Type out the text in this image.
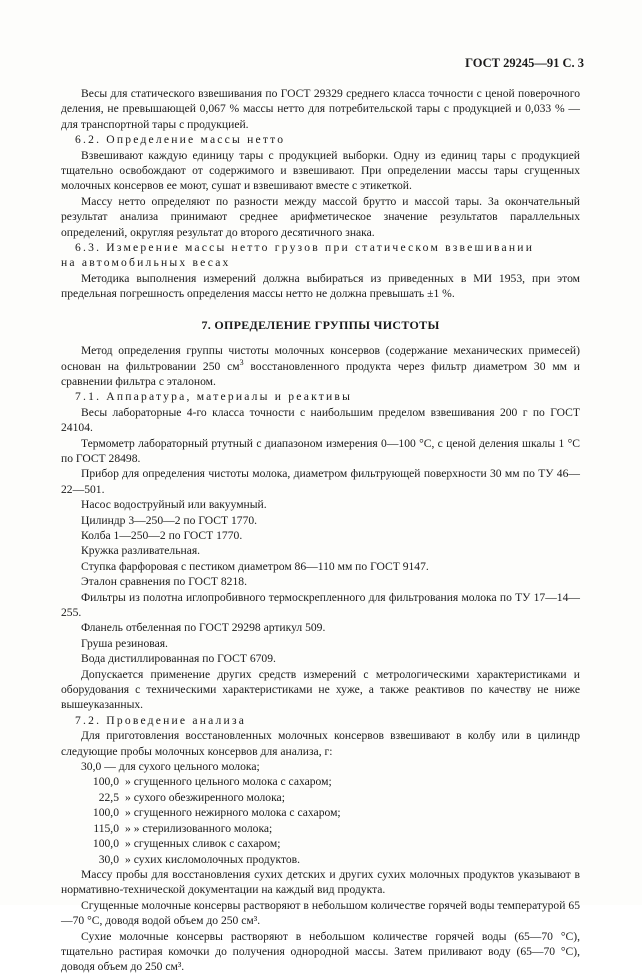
ГОСТ 29245—91 С. 3

Весы для статического взвешивания по ГОСТ 29329 среднего класса точности с ценой поверочного деления, не превышающей 0,067 % массы нетто для потребительской тары с продукцией и 0,033 % — для транспортной тары с продукцией.

6.2. Определение массы нетто

Взвешивают каждую единицу тары с продукцией выборки. Одну из единиц тары с продукцией тщательно освобождают от содержимого и взвешивают. При определении массы тары сгущенных молочных консервов ее моют, сушат и взвешивают вместе с этикеткой.

Массу нетто определяют по разности между массой брутто и массой тары. За окончательный результат анализа принимают среднее арифметическое значение результатов параллельных определений, округляя результат до второго десятичного знака.

6.3. Измерение массы нетто грузов при статическом взвешивании

на автомобильных весах

Методика выполнения измерений должна выбираться из приведенных в МИ 1953, при этом предельная погрешность определения массы нетто не должна превышать ±1 %.

7. ОПРЕДЕЛЕНИЕ ГРУППЫ ЧИСТОТЫ

Метод определения группы чистоты молочных консервов (содержание механических примесей) основан на фильтровании 250 $см^3$ восстановленного продукта через фильтр диаметром 30 мм и сравнении фильтра с эталоном.

7.1. Аппаратура, материалы и реактивы

Весы лабораторные 4-го класса точности с наибольшим пределом взвешивания 200 г по ГОСТ 24104.

Термометр лабораторный ртутный с диапазоном измерения 0—100 °С, с ценой деления шкалы 1 °С по ГОСТ 28498.

Прибор для определения чистоты молока, диаметром фильтрующей поверхности 30 мм по ТУ 46—22—501.

Насос водоструйный или вакуумный.

Цилиндр 3—250—2 по ГОСТ 1770.

Колба 1—250—2 по ГОСТ 1770.

Кружка разливательная.

Ступка фарфоровая с пестиком диаметром 86—110 мм по ГОСТ 9147.

Эталон сравнения по ГОСТ 8218.

Фильтры из полотна иглопробивного термоскрепленного для фильтрования молока по ТУ 17—14—255.

Фланель отбеленная по ГОСТ 29298 артикул 509.

Груша резиновая.

Вода дистиллированная по ГОСТ 6709.

Допускается применение других средств измерений с метрологическими характеристиками и оборудования с техническими характеристиками не хуже, а также реактивов по качеству не ниже вышеуказанных.

7.2. Проведение анализа

Для приготовления восстановленных молочных консервов взвешивают в колбу или в цилиндр следующие пробы молочных консервов для анализа, г:

30,0
— для сухого цельного молока;
100,0 » сгущенного цельного молока с сахаром;
22,5 » сухого обезжиренного молока;
100,0 » сгущенного нежирного молока с сахаром;
115,0 » » стерилизованного молока;
100,0 » сгущенных сливок с сахаром;
30,0 » сухих кисломолочных продуктов.

Массу пробы для восстановления сухих детских и других сухих молочных продуктов указывают в нормативно-технической документации на каждый вид продукта.

Сгущенные молочные консервы растворяют в небольшом количестве горячей воды температурой 65—70 °С, доводя водой объем до 250 см³.

Сухие молочные консервы растворяют в небольшом количестве горячей воды (65—70 °С), тщательно растирая комочки до получения однородной массы. Затем приливают воду (65—70 °С), доводя объем до 250 см³.
